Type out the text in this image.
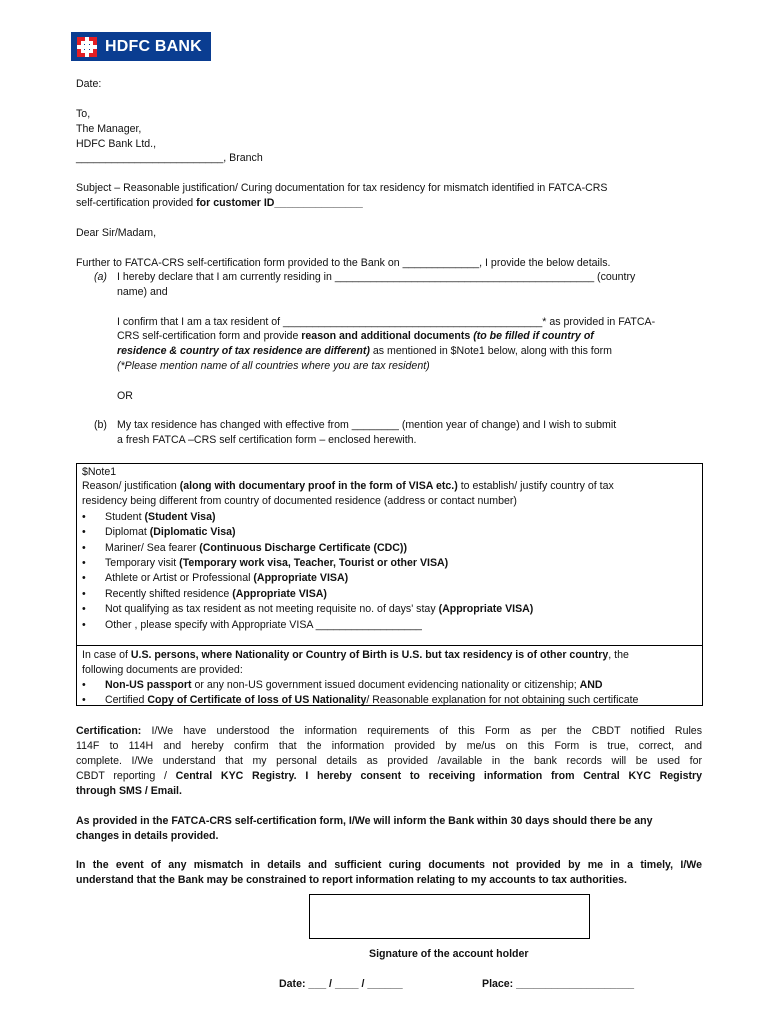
HDFC BANK
Date:
To,
The Manager,
HDFC Bank Ltd.,
_________________________, Branch
Subject – Reasonable justification/ Curing documentation for tax residency for mismatch identified in FATCA-CRS
self-certification provided for customer ID_______________
Dear Sir/Madam,
Further to FATCA-CRS self-certification form provided to the Bank on _____________, I provide the below details.
(a) I hereby declare that I am currently residing in ____________________________________________ (country
name) and
I confirm that I am a tax resident of ____________________________________________* as provided in FATCA-
CRS self-certification form and provide reason and additional documents (to be filled if country of
residence & country of tax residence are different) as mentioned in $Note1 below, along with this form
(*Please mention name of all countries where you are tax resident)
OR
(b) My tax residence has changed with effective from ________ (mention year of change) and I wish to submit
a fresh FATCA –CRS self certification form – enclosed herewith.
$Note1
Reason/ justification (along with documentary proof in the form of VISA etc.) to establish/ justify country of tax
residency being different from country of documented residence (address or contact number)
• Student (Student Visa)
• Diplomat (Diplomatic Visa)
• Mariner/ Sea fearer (Continuous Discharge Certificate (CDC))
• Temporary visit (Temporary work visa, Teacher, Tourist or other VISA)
• Athlete or Artist or Professional (Appropriate VISA)
• Recently shifted residence (Appropriate VISA)
• Not qualifying as tax resident as not meeting requisite no. of days' stay (Appropriate VISA)
• Other , please specify with Appropriate VISA __________________
In case of U.S. persons, where Nationality or Country of Birth is U.S. but tax residency is of other country, the
following documents are provided:
• Non-US passport or any non-US government issued document evidencing nationality or citizenship; AND
• Certified Copy of Certificate of loss of US Nationality/ Reasonable explanation for not obtaining such certificate
Certification: I/We have understood the information requirements of this Form as per the CBDT notified Rules
114F to 114H and hereby confirm that the information provided by me/us on this Form is true, correct, and
complete. I/We understand that my personal details as provided /available in the bank records will be used for
CBDT reporting / Central KYC Registry. I hereby consent to receiving information from Central KYC Registry
through SMS / Email.
As provided in the FATCA-CRS self-certification form, I/We will inform the Bank within 30 days should there be any
changes in details provided.
In the event of any mismatch in details and sufficient curing documents not provided by me in a timely, I/We
understand that the Bank may be constrained to report information relating to my accounts to tax authorities.
Signature of the account holder
Date: ___ / ____ / ______	Place: ____________________
